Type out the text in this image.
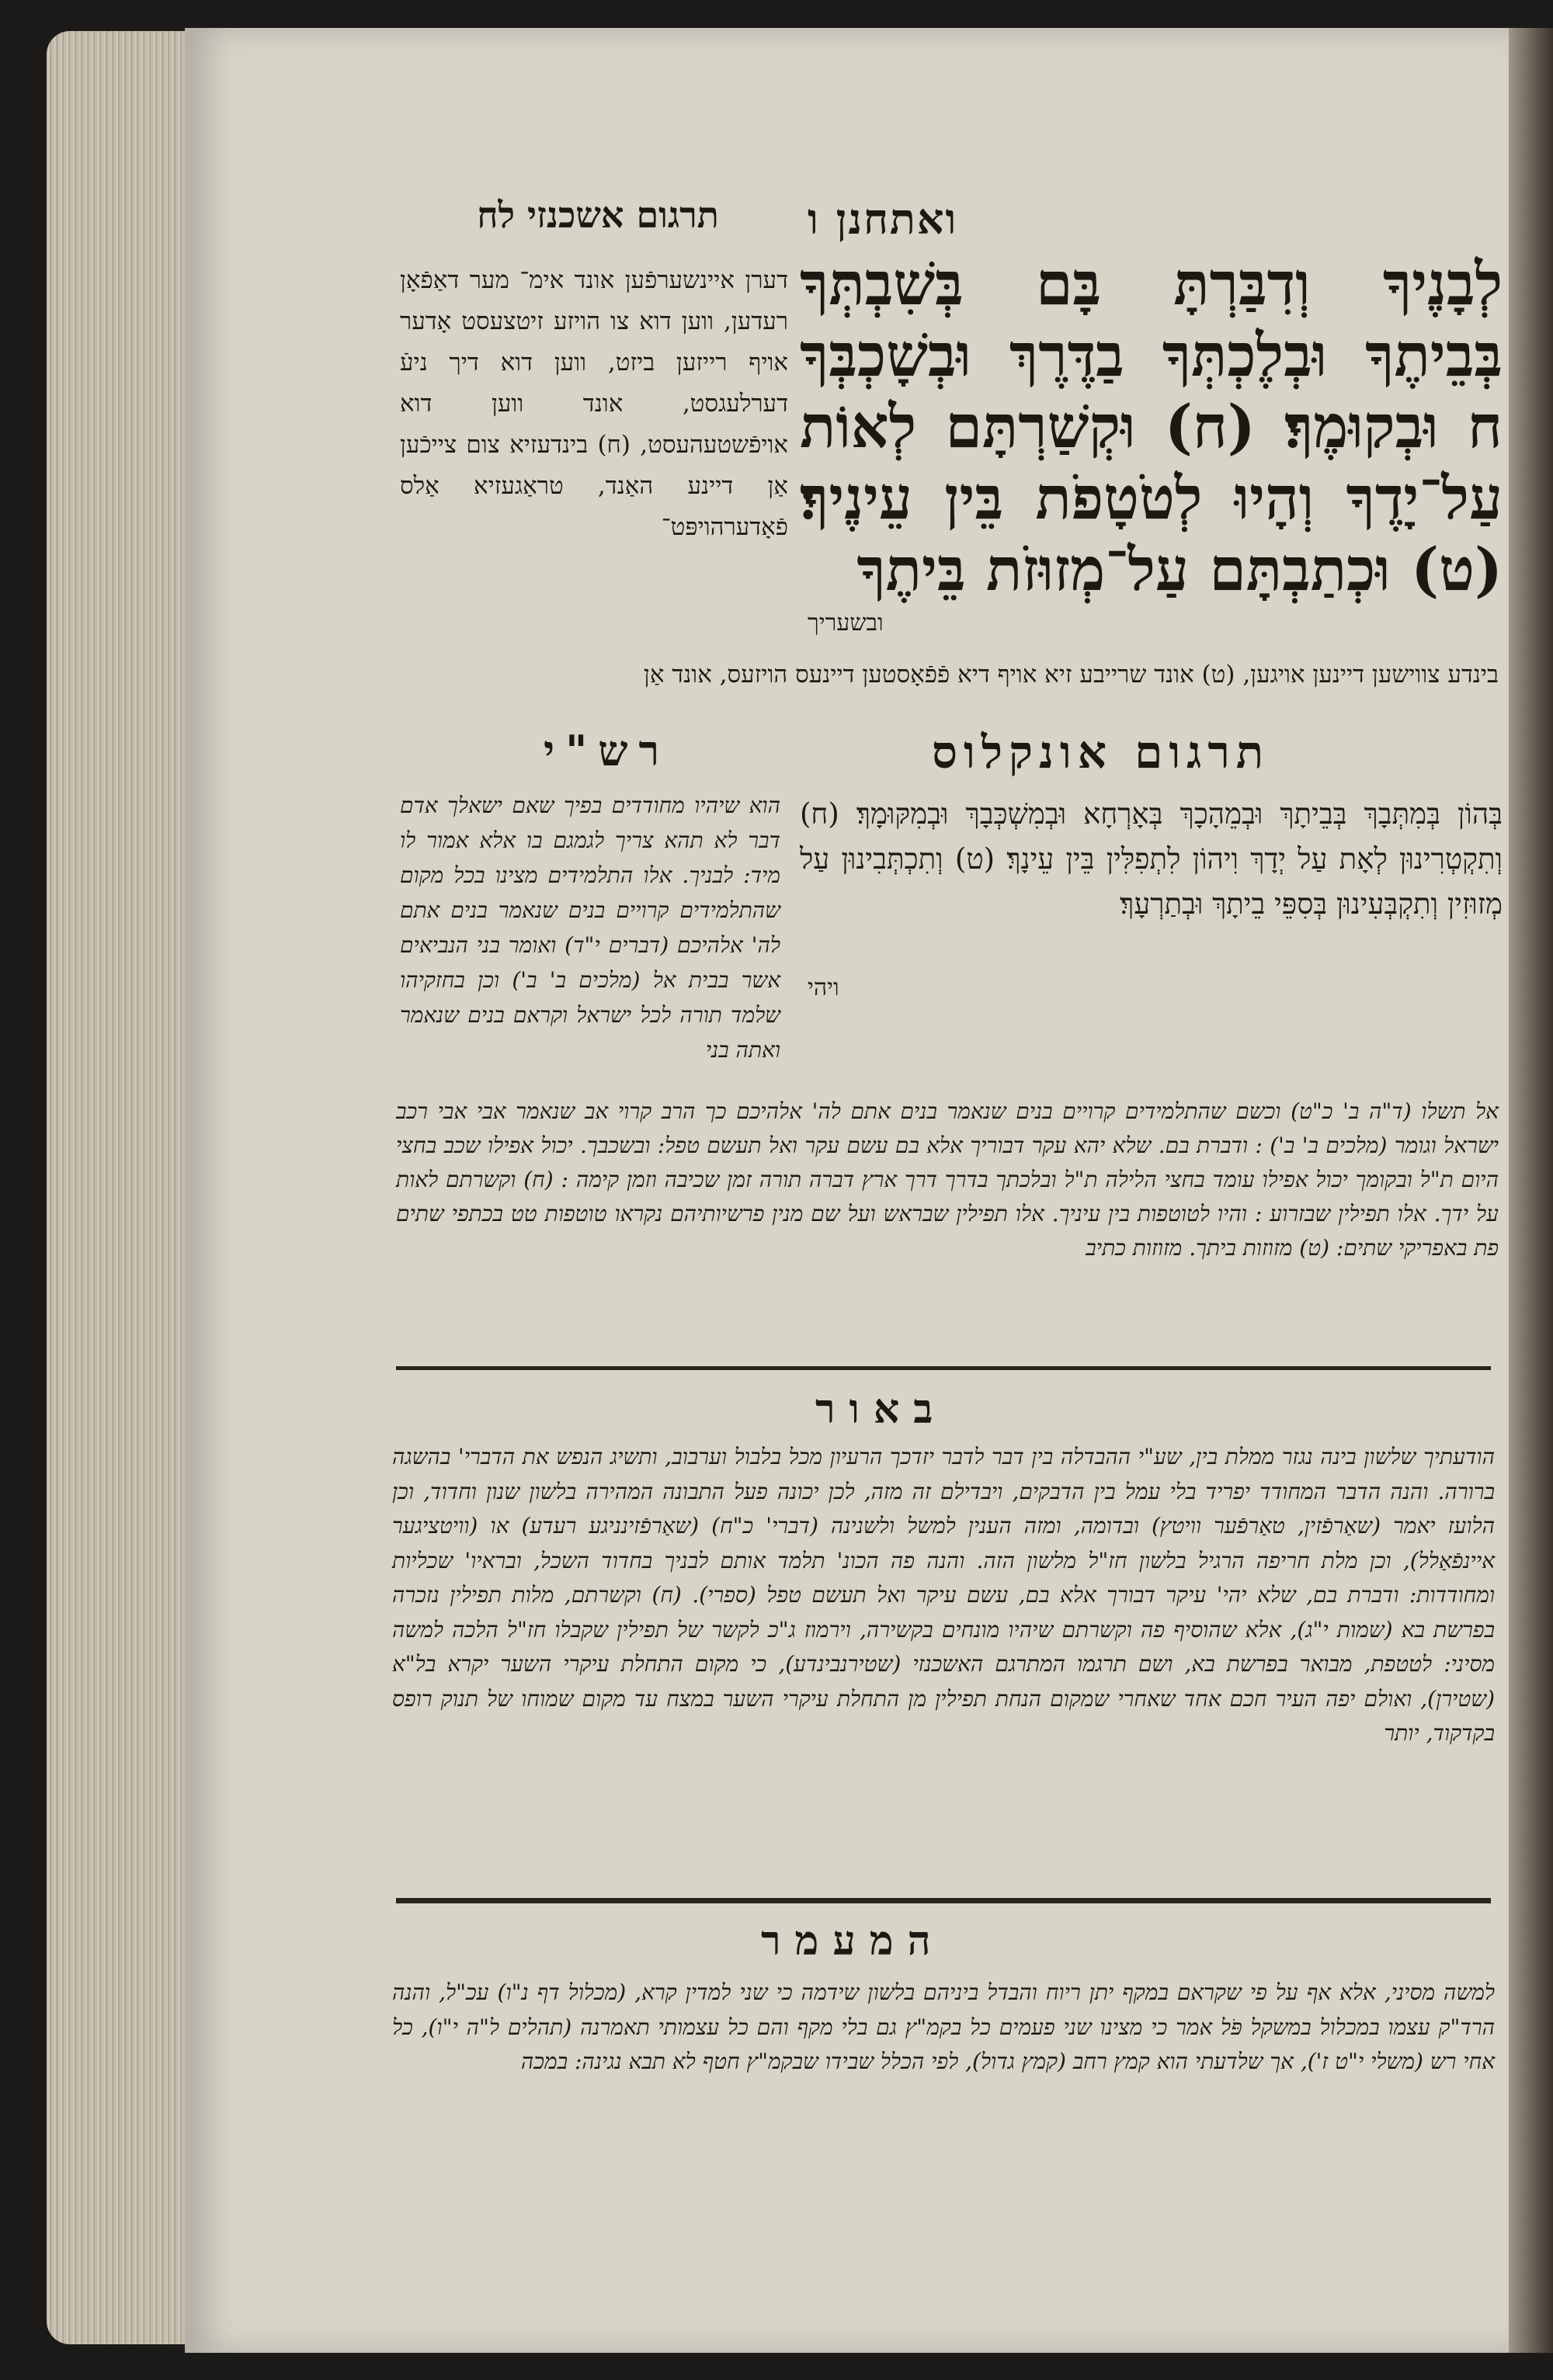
ואתחנן ו
תרגום אשכנזי לח
לְבָנֶיךָ וְדִבַּרְתָּ בָּם בְּשִׁבְתְּךָ בְּבֵיתֶךָ וּבְלֶכְתְּךָ בַדֶּרֶךְ וּבְשָׁכְבְּךָ ח וּבְקוּמֶךָ׃ (ח) וּקְשַׁרְתָּם לְאוֹת עַל־יָדֶךָ וְהָיוּ לְטֹטָפֹת בֵּין עֵינֶיךָ׃ (ט) וּכְתַבְתָּם עַל־מְזוּזֹת בֵּיתֶךָ
ובשעריך
דערן איינשערפֿען אונד אימ־ מער דאַפֿאָן רעדען, ווען דוא צו הויזע זיטצעסט אָדער אויף רייזען ביזט, ווען דוא דיך ניעֿ דערלעגסט, אונד ווען דוא אויפֿשטעהעסט, (ח) בינדעזיא צום צייכֿען אַן דיינע האַנד, טראַגעזיא אַלס פֿאָדערהויפּט־
בינדע צווישען דיינען אויגען, (ט) אונד שרייבע זיא אויף דיא פֿפֿאָסטען דיינעס הויזעס, אונד אַן
תרגום אונקלוס
רש"י
בְּהוֹן בְּמִתְּבָךְ בְּבֵיתָךְ וּבְמֵהָכָךְ בְּאָרְחָא וּבְמִשְׁכְּבָךְ וּבְמִקּוּמָךְ׃ (ח) וְתִקְטְרִינוּן לְאָת עַל יְדָךְ וִיהוֹן לִתְפִלִּין בֵּין עֵינָךְ׃ (ט) וְתִכְתְּבִינוּן עַל מְזוּזִין וְתִקְבְּעִינוּן בְּסִפֵּי בֵיתָךְ וּבְתַרְעָךְ׃
ויהי
הוא שיהיו מחודדים בפיך שאם ישאלך אדם דבר לא תהא צריך לגמגם בו אלא אמור לו מיד: לבניך. אלו התלמידים מצינו בכל מקום שהתלמידים קרויים בנים שנאמר בנים אתם לה' אלהיכם (דברים י"ד) ואומר בני הנביאים אשר בבית אל (מלכים ב' ב') וכן בחזקיהו שלמד תורה לכל ישראל וקראם בנים שנאמר ואתה בני
אל תשלו (ד"ה ב' כ"ט) וכשם שהתלמידים קרויים בנים שנאמר בנים אתם לה' אלהיכם כך הרב קרוי אב שנאמר אבי אבי רכב ישראל וגומר (מלכים ב' ב') : ודברת בם. שלא יהא עקר דבוריך אלא בם עשם עקר ואל תעשם טפל: ובשכבך. יכול אפילו שכב בחצי היום ת"ל ובקומך יכול אפילו עומד בחצי הלילה ת"ל ובלכתך בדרך דרך ארץ דברה תורה זמן שכיבה וזמן קימה : (ח) וקשרתם לאות על ידך. אלו תפילין שבזרוע : והיו לטוטפות בין עיניך. אלו תפילין שבראש ועל שם מנין פרשיותיהם נקראו טוטפות טט בכתפי שתים פת באפריקי שתים: (ט) מזוזות ביתך. מזוזות כתיב
באור
הודעתיך שלשון בינה נגזר ממלת בין, שע"י ההבדלה בין דבר לדבר יזדכך הרעיון מכל בלבול וערבוב, ותשיג הנפש את הדברי' בהשגה ברורה. והנה הדבר המחודד יפריד בלי עמל בין הדבקים, ויבדילם זה מזה, לכן יכונה פעל התבונה המהירה בלשון שנון וחדוד, וכן הלועז יאמר (שאַרפֿזין, טאַרפֿער וויטץ) ובדומה, ומזה הענין למשל ולשנינה (דברי' כ"ח) (שאַרפֿזינניגע רעדע) או (וויטציגער איינפֿאַלל), וכן מלת חריפה הרגיל בלשון חז"ל מלשון הזה. והנה פה הכונ' תלמד אותם לבניך בחדוד השכל, ובראיו' שכליות ומחודדות: ודברת בם, שלא יהי' עיקר דבורך אלא בם, עשם עיקר ואל תעשם טפל (ספרי). (ח) וקשרתם, מלות תפילין נזכרה בפרשת בא (שמות י"ג), אלא שהוסיף פה וקשרתם שיהיו מונחים בקשירה, וירמוז ג"כ לקשר של תפילין שקבלו חז"ל הלכה למשה מסיני: לטטפת, מבואר בפרשת בא, ושם תרגמו המתרגם האשכנזי (שטירנבינדע), כי מקום התחלת עיקרי השער יקרא בל"א (שטירן), ואולם יפה העיר חכם אחד שאחרי שמקום הנחת תפילין מן התחלת עיקרי השער במצח עד מקום שמוחו של תנוק רופס בקדקוד, יותר
המעמר
למשה מסיני, אלא אף על פי שקראם במקף יתן ריוח והבדל ביניהם בלשון שידמה כי שני למדין קרא, (מכלול דף נ"ו) עכ"ל, והנה הרד"ק עצמו במכלול במשקל פֹּל אמר כי מצינו שני פעמים כל בקמ"ץ גם בלי מקף והם כל עצמותי תאמרנה (תהלים ל"ה י"ו), כל אחי רש (משלי י"ט ז'), אך שלדעתי הוא קמץ רחב (קמץ גדול), לפי הכלל שבידו שבקמ"ץ חטף לא תבא נגינה: במכה
